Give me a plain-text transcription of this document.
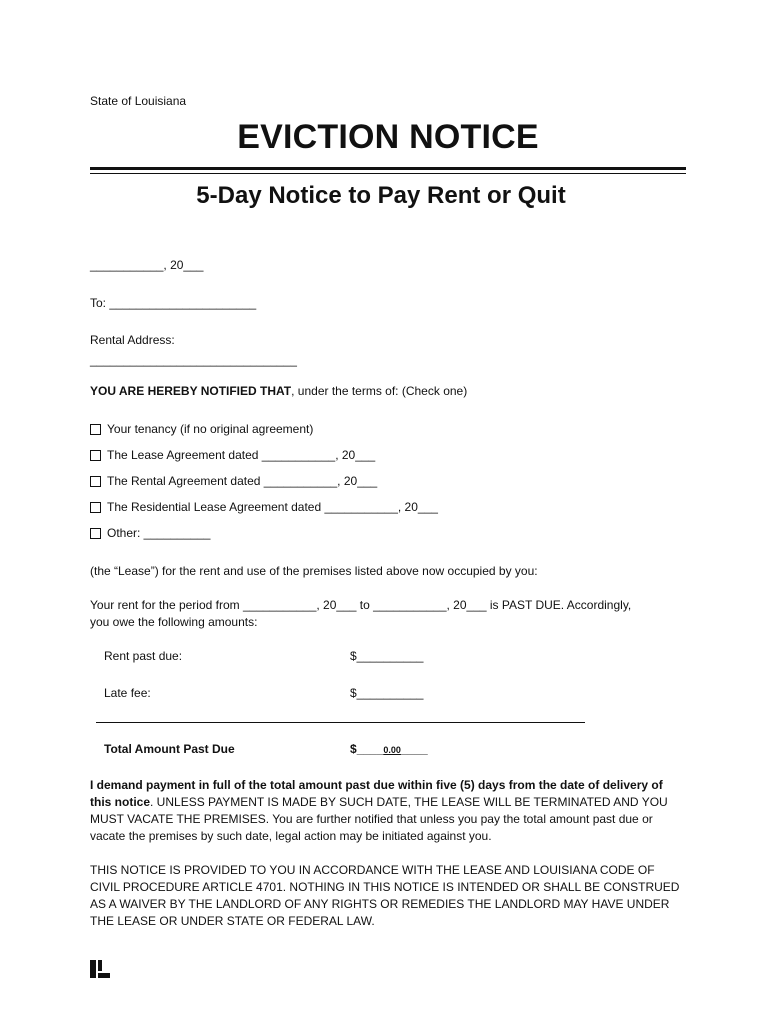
State of Louisiana
EVICTION NOTICE
5-Day Notice to Pay Rent or Quit
___________, 20___
To: ______________________
Rental Address:
_______________________________
YOU ARE HEREBY NOTIFIED THAT, under the terms of: (Check one)
Your tenancy (if no original agreement)
The Lease Agreement dated ___________, 20___
The Rental Agreement dated ___________, 20___
The Residential Lease Agreement dated ___________, 20___
Other: __________
(the “Lease”) for the rent and use of the premises listed above now occupied by you:
Your rent for the period from ___________, 20___ to ___________, 20___ is PAST DUE. Accordingly,
you owe the following amounts:
Rent past due:	$__________
Late fee:	$__________
Total Amount Past Due	$____0.00____
I demand payment in full of the total amount past due within five (5) days from the date of delivery of this notice. UNLESS PAYMENT IS MADE BY SUCH DATE, THE LEASE WILL BE TERMINATED AND YOU MUST VACATE THE PREMISES. You are further notified that unless you pay the total amount past due or vacate the premises by such date, legal action may be initiated against you.
THIS NOTICE IS PROVIDED TO YOU IN ACCORDANCE WITH THE LEASE AND LOUISIANA CODE OF CIVIL PROCEDURE ARTICLE 4701. NOTHING IN THIS NOTICE IS INTENDED OR SHALL BE CONSTRUED AS A WAIVER BY THE LANDLORD OF ANY RIGHTS OR REMEDIES THE LANDLORD MAY HAVE UNDER THE LEASE OR UNDER STATE OR FEDERAL LAW.
